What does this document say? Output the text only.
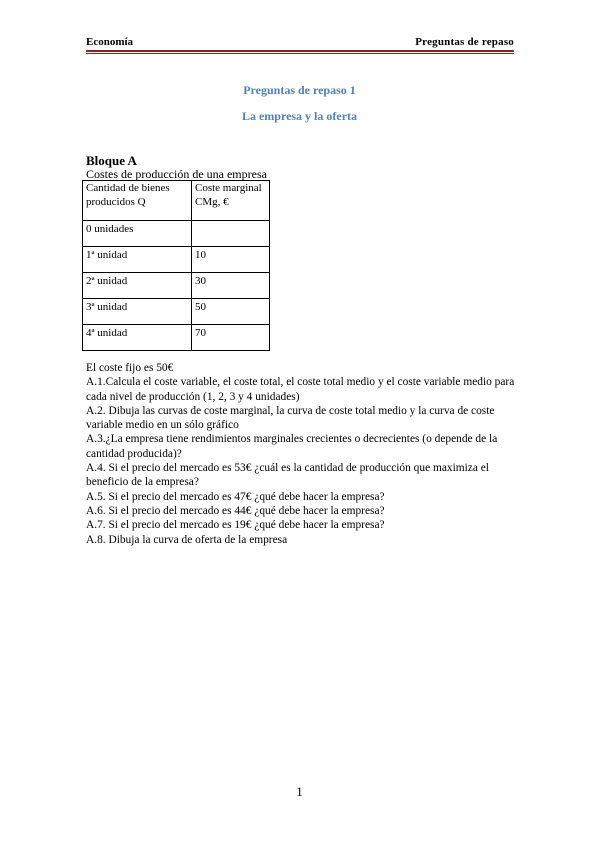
Economía	Preguntas de repaso
Preguntas de repaso 1
La empresa y la oferta
Bloque A
Costes de producción de una empresa
Cantidad de bienes producidos Q	Coste marginal CMg, €
0 unidades	
1ª unidad	10
2ª unidad	30
3ª unidad	50
4ª unidad	70

El coste fijo es 50€

A.1.Calcula el coste variable, el coste total, el coste total medio y el coste variable medio para cada nivel de producción (1, 2, 3 y 4 unidades)

A.2. Dibuja las curvas de coste marginal, la curva de coste total medio y la curva de coste variable medio en un sólo gráfico

A.3.¿La empresa tiene rendimientos marginales crecientes o decrecientes (o depende de la cantidad producida)?

A.4. Si el precio del mercado es 53€ ¿cuál es la cantidad de producción que maximiza el beneficio de la empresa?

A.5. Si el precio del mercado es 47€ ¿qué debe hacer la empresa?

A.6. Si el precio del mercado es 44€ ¿qué debe hacer la empresa?

A.7. Si el precio del mercado es 19€ ¿qué debe hacer la empresa?

A.8. Dibuja la curva de oferta de la empresa

1
